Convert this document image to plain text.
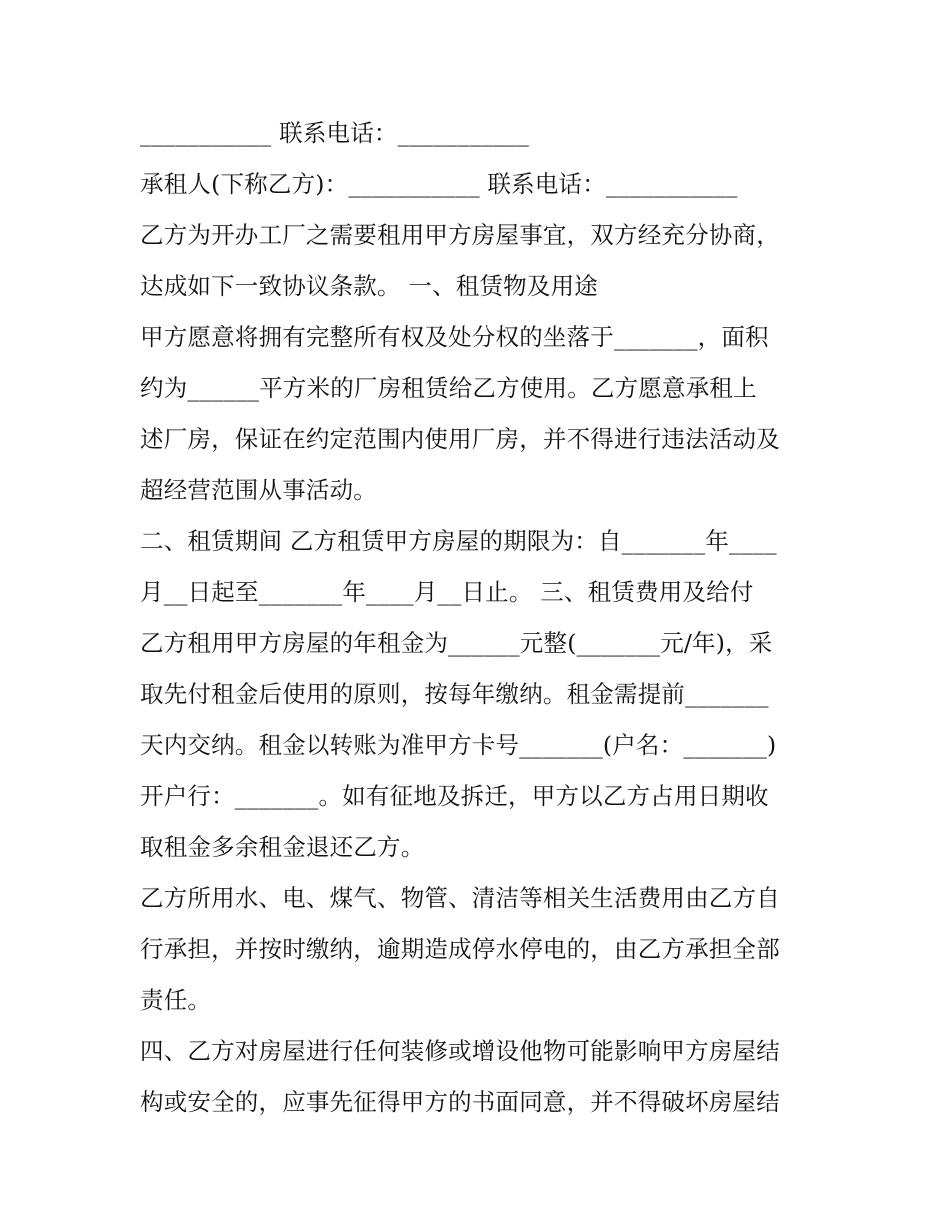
___________ 联系电话：___________
承租人(下称乙方)：___________ 联系电话：___________
乙方为开办工厂之需要租用甲方房屋事宜，双方经充分协商，
达成如下一致协议条款。 一、租赁物及用途
甲方愿意将拥有完整所有权及处分权的坐落于_______，面积
约为______平方米的厂房租赁给乙方使用。乙方愿意承租上
述厂房，保证在约定范围内使用厂房，并不得进行违法活动及
超经营范围从事活动。
二、租赁期间 乙方租赁甲方房屋的期限为：自_______年____
月__日起至_______年____月__日止。 三、租赁费用及给付
乙方租用甲方房屋的年租金为______元整(_______元/年)，采
取先付租金后使用的原则，按每年缴纳。租金需提前_______
天内交纳。租金以转账为准甲方卡号_______(户名：_______)
开户行：_______。如有征地及拆迁，甲方以乙方占用日期收
取租金多余租金退还乙方。
乙方所用水、电、煤气、物管、清洁等相关生活费用由乙方自
行承担，并按时缴纳，逾期造成停水停电的，由乙方承担全部
责任。
四、乙方对房屋进行任何装修或增设他物可能影响甲方房屋结
构或安全的，应事先征得甲方的书面同意，并不得破坏房屋结
